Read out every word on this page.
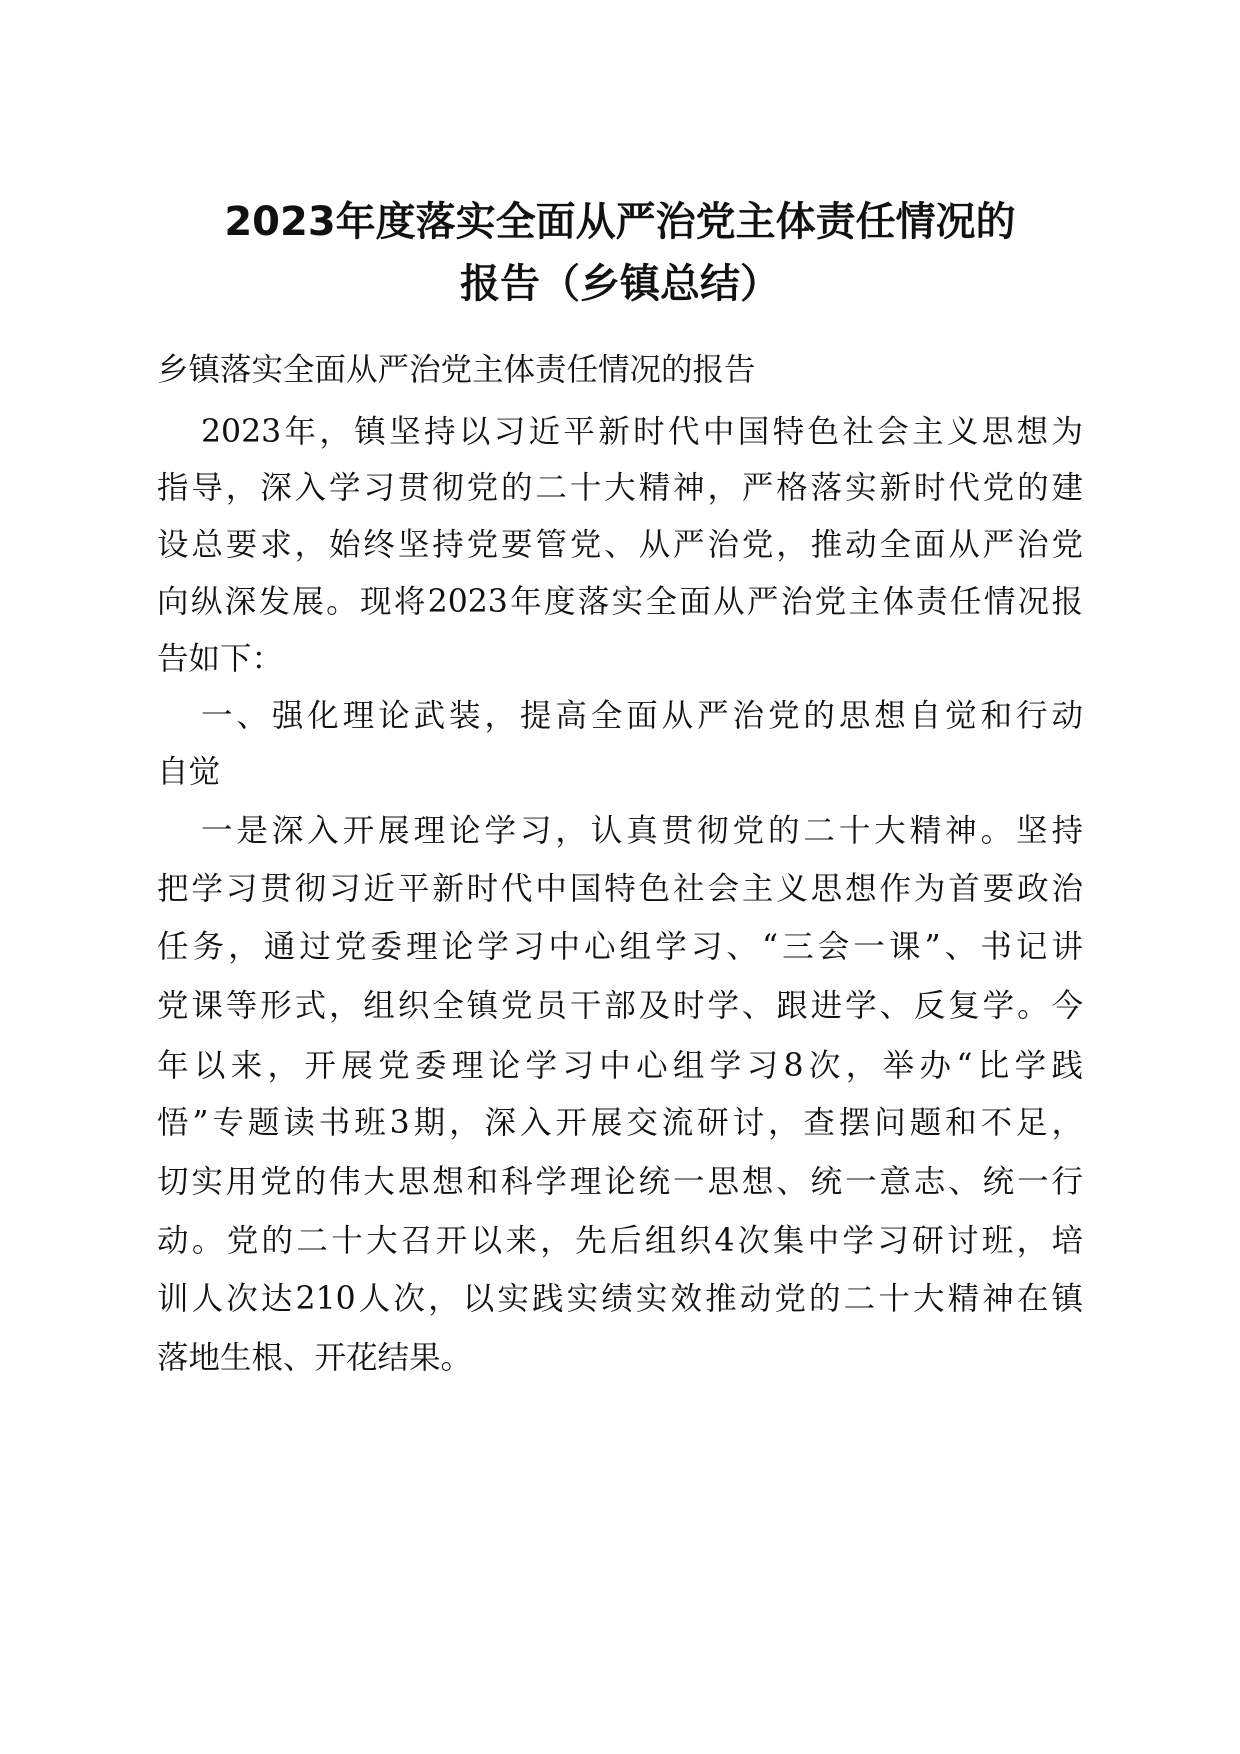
2023年度落实全面从严治党主体责任情况的
报告（乡镇总结）

乡镇落实全面从严治党主体责任情况的报告

2023年，镇坚持以习近平新时代中国特色社会主义思想为

指导，深入学习贯彻党的二十大精神，严格落实新时代党的建

设总要求，始终坚持党要管党、从严治党，推动全面从严治党

向纵深发展。现将2023年度落实全面从严治党主体责任情况报

告如下：

一、强化理论武装，提高全面从严治党的思想自觉和行动

自觉

一是深入开展理论学习，认真贯彻党的二十大精神。坚持

把学习贯彻习近平新时代中国特色社会主义思想作为首要政治

任务，通过党委理论学习中心组学习、“三会一课”、书记讲

党课等形式，组织全镇党员干部及时学、跟进学、反复学。今

年以来，开展党委理论学习中心组学习8次，举办“比学践

悟”专题读书班3期，深入开展交流研讨，查摆问题和不足，

切实用党的伟大思想和科学理论统一思想、统一意志、统一行

动。党的二十大召开以来，先后组织4次集中学习研讨班，培

训人次达210人次，以实践实绩实效推动党的二十大精神在镇

落地生根、开花结果。
